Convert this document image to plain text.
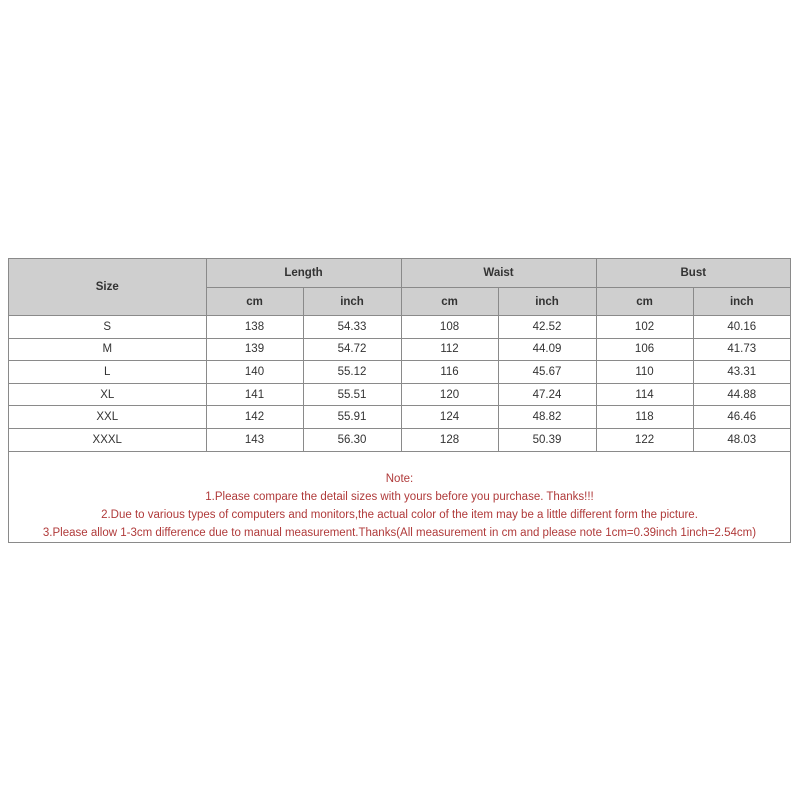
Size	Length		Waist		Bust	
	cm	inch	cm	inch	cm	inch
S	138	54.33	108	42.52	102	40.16
M	139	54.72	112	44.09	106	41.73
L	140	55.12	116	45.67	110	43.31
XL	141	55.51	120	47.24	114	44.88
XXL	142	55.91	124	48.82	118	46.46
XXXL	143	56.30	128	50.39	122	48.03
Note:
1.Please compare the detail sizes with yours before you purchase. Thanks!!!
2.Due to various types of computers and monitors,the actual color of the item may be a little different form the picture.
3.Please allow 1-3cm difference due to manual measurement.Thanks(All measurement in cm and please note 1cm=0.39inch 1inch=2.54cm)
